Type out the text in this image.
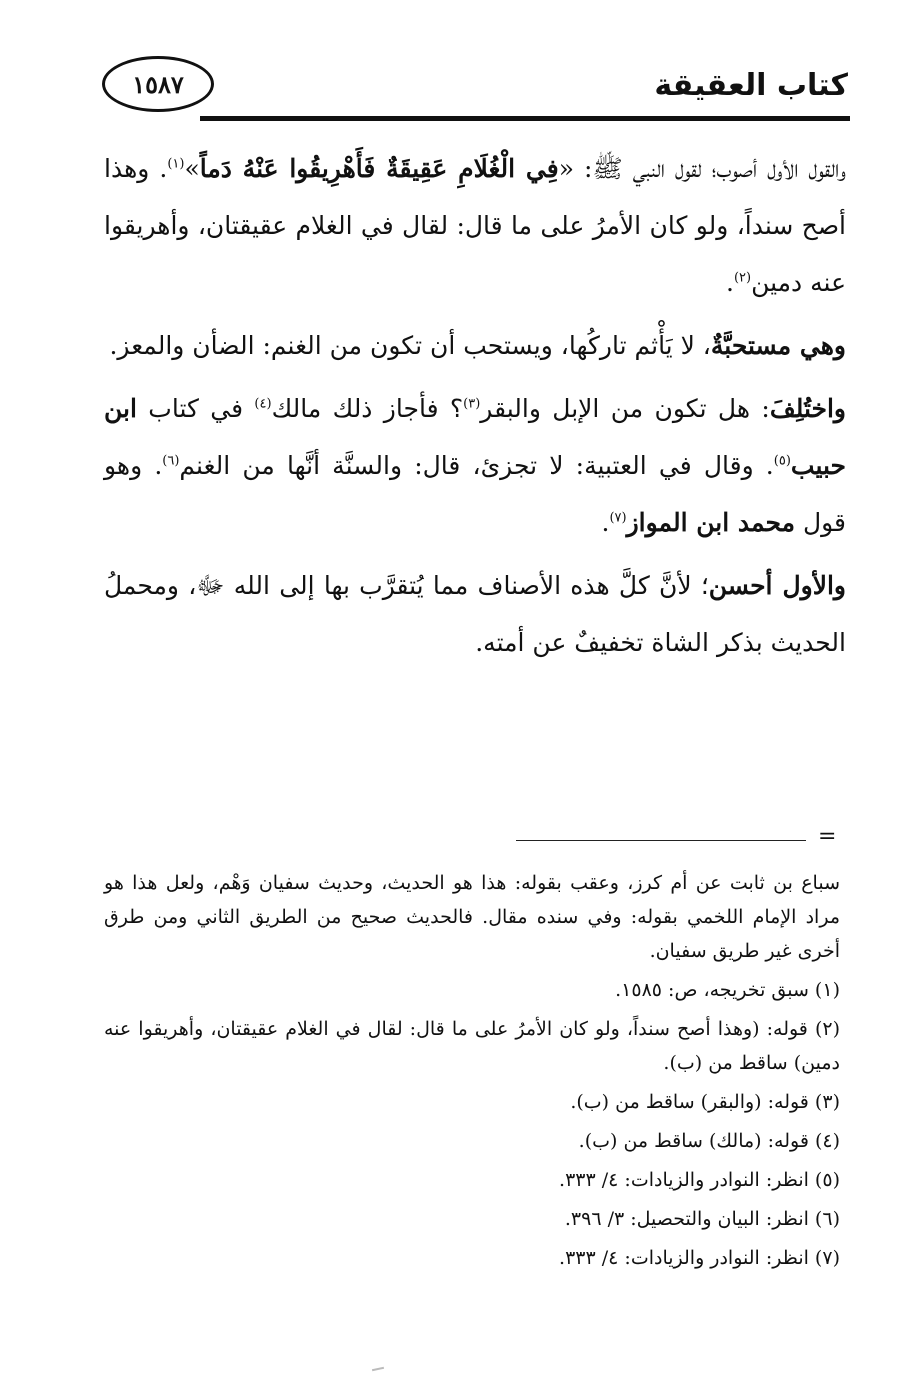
١٥٨٧	كتاب العقيقة

والقول الأول أصوب؛ لقول النبي ﷺ: «فِي الْغُلَامِ عَقِيقَةٌ فَأَهْرِيقُوا عَنْهُ دَماً»$^{(١)}$. وهذا أصح سنداً، ولو كان الأمرُ على ما قال: لقال في الغلام عقيقتان، وأهريقوا عنه دمين$^{(٢)}$.

وهي مستحبَّةٌ، لا يَأْثم تاركُها، ويستحب أن تكون من الغنم: الضأن والمعز.

واختُلِفَ: هل تكون من الإبل والبقر$^{(٣)}$؟ فأجاز ذلك مالك$^{(٤)}$ في كتاب ابن حبيب$^{(٥)}$. وقال في العتبية: لا تجزئ، قال: والسنَّة أنَّها من الغنم$^{(٦)}$. وهو قول محمد ابن المواز$^{(٧)}$.

والأول أحسن؛ لأنَّ كلَّ هذه الأصناف مما يُتقرَّب بها إلى الله ﷻ، ومحملُ الحديث بذكر الشاة تخفيفٌ عن أمته.

=

سباع بن ثابت عن أم كرز، وعقب بقوله: هذا هو الحديث، وحديث سفيان وَهْم، ولعل هذا هو مراد الإمام اللخمي بقوله: وفي سنده مقال. فالحديث صحيح من الطريق الثاني ومن طرق أخرى غير طريق سفيان.

(١) سبق تخريجه، ص: ١٥٨٥.

(٢) قوله: (وهذا أصح سنداً، ولو كان الأمرُ على ما قال: لقال في الغلام عقيقتان، وأهريقوا عنه دمين) ساقط من (ب).

(٣) قوله: (والبقر) ساقط من (ب).

(٤) قوله: (مالك) ساقط من (ب).

(٥) انظر: النوادر والزيادات: ٤/ ٣٣٣.

(٦) انظر: البيان والتحصيل: ٣/ ٣٩٦.

(٧) انظر: النوادر والزيادات: ٤/ ٣٣٣.
